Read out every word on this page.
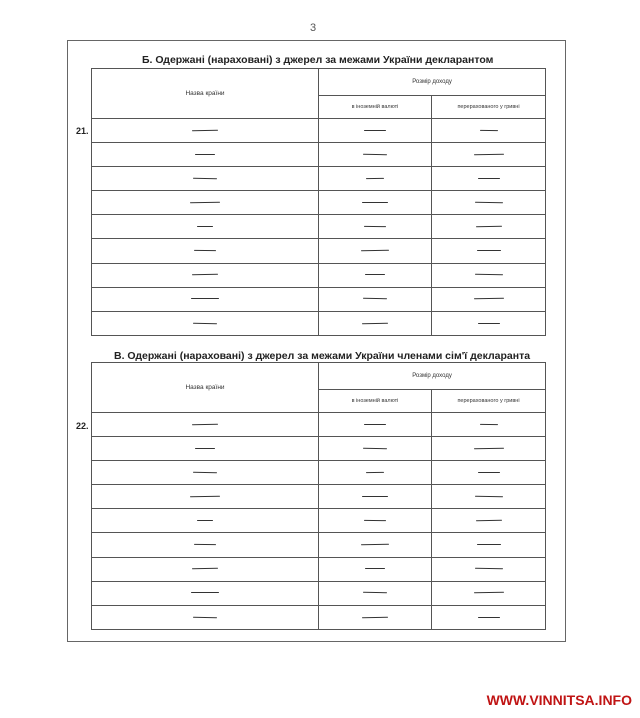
3
Б. Одержані (нараховані) з джерел за межами України декларантом
21.
Назва країни	Розмір доходу	
	в іноземній валюті	перерахованого у гривні

В. Одержані (нараховані) з джерел за межами України членами сім'ї декларанта
22.
Назва країни	Розмір доходу	
	в іноземній валюті	перерахованого у гривні

WWW.VINNITSA.INFO
